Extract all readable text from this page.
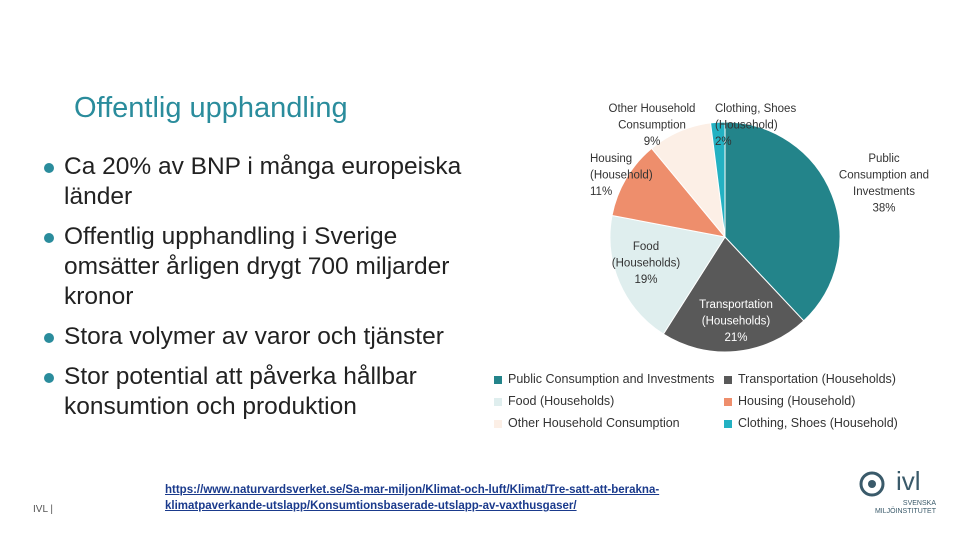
Offentlig upphandling
Ca 20% av BNP i många europeiska länder
Offentlig upphandling i Sverige omsätter årligen drygt 700 miljarder kronor
Stora volymer av varor och tjänster
Stor potential att påverka hållbar konsumtion och produktion
Public Consumption and Investments 38%
Transportation (Households) 21%
Food (Households) 19%
Housing (Household) 11%
Other Household Consumption 9%
Clothing, Shoes (Household) 2%
Public Consumption and Investments	Transportation (Households)
Food (Households)	Housing (Household)
Other Household Consumption	Clothing, Shoes (Household)
https://www.naturvardsverket.se/Sa-mar-miljon/Klimat-och-luft/Klimat/Tre-satt-att-berakna-klimatpaverkande-utslapp/Konsumtionsbaserade-utslapp-av-vaxthusgaser/
IVL |
ivl
SVENSKA MILJÖINSTITUTET
